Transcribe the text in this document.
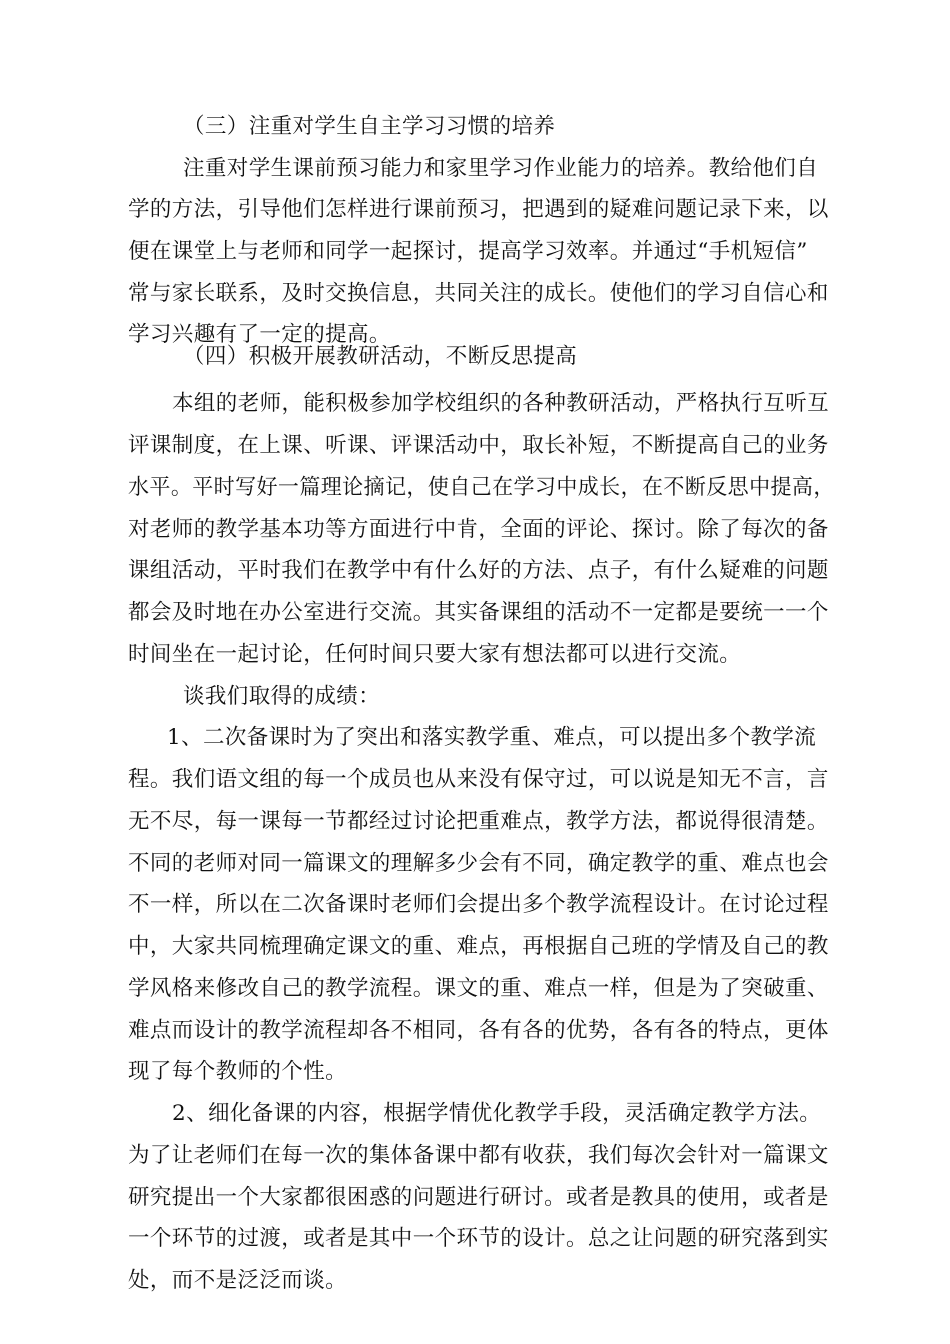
（三）注重对学生自主学习习惯的培养
注重对学生课前预习能力和家里学习作业能力的培养。教给他们自
学的方法，引导他们怎样进行课前预习，把遇到的疑难问题记录下来，以
便在课堂上与老师和同学一起探讨，提高学习效率。并通过“手机短信”
常与家长联系，及时交换信息，共同关注的成长。使他们的学习自信心和
学习兴趣有了一定的提高。
（四）积极开展教研活动，不断反思提高
本组的老师，能积极参加学校组织的各种教研活动，严格执行互听互
评课制度，在上课、听课、评课活动中，取长补短，不断提高自己的业务
水平。平时写好一篇理论摘记，使自己在学习中成长，在不断反思中提高，
对老师的教学基本功等方面进行中肯，全面的评论、探讨。除了每次的备
课组活动，平时我们在教学中有什么好的方法、点子，有什么疑难的问题
都会及时地在办公室进行交流。其实备课组的活动不一定都是要统一一个
时间坐在一起讨论，任何时间只要大家有想法都可以进行交流。
谈我们取得的成绩：
1、二次备课时为了突出和落实教学重、难点，可以提出多个教学流
程。我们语文组的每一个成员也从来没有保守过，可以说是知无不言，言
无不尽，每一课每一节都经过讨论把重难点，教学方法，都说得很清楚。
不同的老师对同一篇课文的理解多少会有不同，确定教学的重、难点也会
不一样，所以在二次备课时老师们会提出多个教学流程设计。在讨论过程
中，大家共同梳理确定课文的重、难点，再根据自己班的学情及自己的教
学风格来修改自己的教学流程。课文的重、难点一样，但是为了突破重、
难点而设计的教学流程却各不相同，各有各的优势，各有各的特点，更体
现了每个教师的个性。
2、细化备课的内容，根据学情优化教学手段，灵活确定教学方法。
为了让老师们在每一次的集体备课中都有收获，我们每次会针对一篇课文
研究提出一个大家都很困惑的问题进行研讨。或者是教具的使用，或者是
一个环节的过渡，或者是其中一个环节的设计。总之让问题的研究落到实
处，而不是泛泛而谈。
